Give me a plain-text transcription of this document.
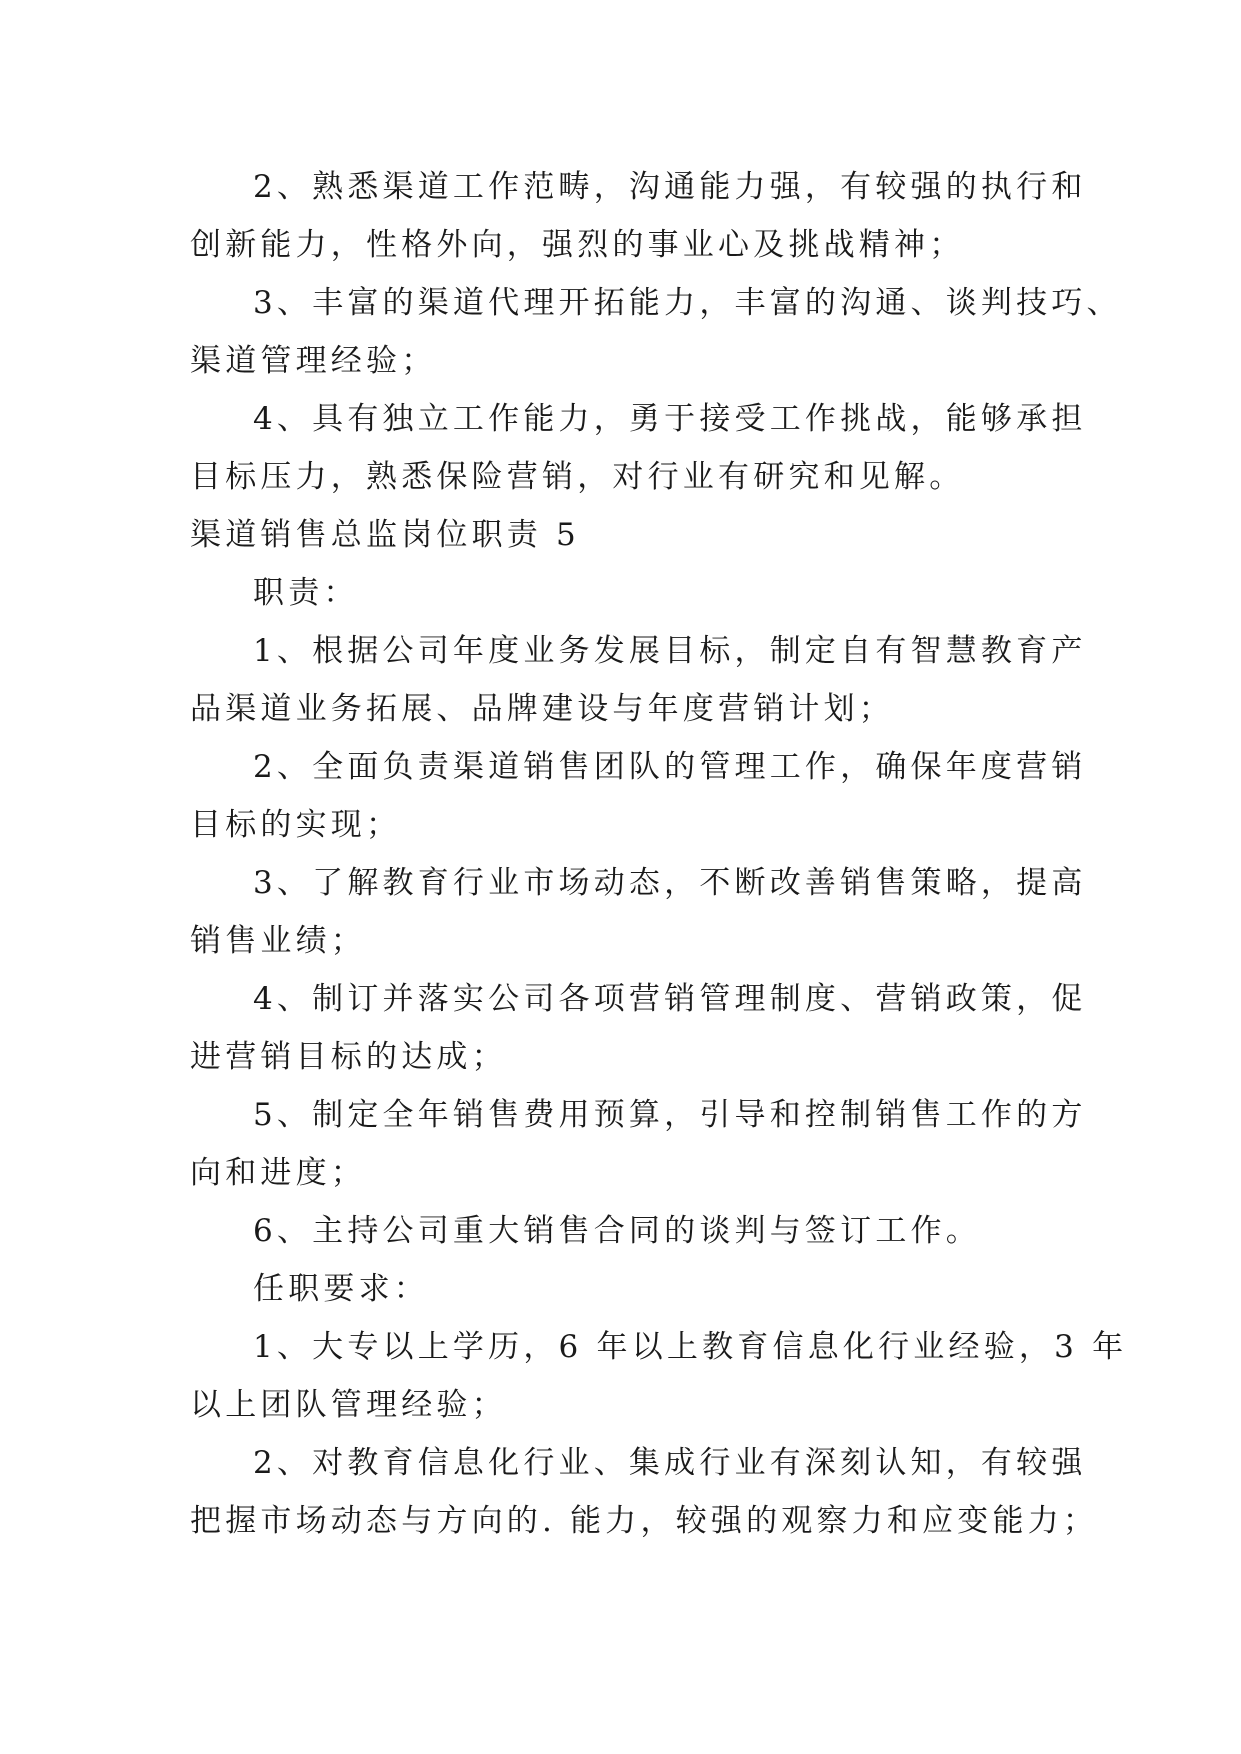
2、熟悉渠道工作范畴，沟通能力强，有较强的执行和
创新能力，性格外向，强烈的事业心及挑战精神；
3、丰富的渠道代理开拓能力，丰富的沟通、谈判技巧、
渠道管理经验；
4、具有独立工作能力，勇于接受工作挑战，能够承担
目标压力，熟悉保险营销，对行业有研究和见解。
渠道销售总监岗位职责 5
职责：
1、根据公司年度业务发展目标，制定自有智慧教育产
品渠道业务拓展、品牌建设与年度营销计划；
2、全面负责渠道销售团队的管理工作，确保年度营销
目标的实现；
3、了解教育行业市场动态，不断改善销售策略，提高
销售业绩；
4、制订并落实公司各项营销管理制度、营销政策，促
进营销目标的达成；
5、制定全年销售费用预算，引导和控制销售工作的方
向和进度；
6、主持公司重大销售合同的谈判与签订工作。
任职要求：
1、大专以上学历，6 年以上教育信息化行业经验，3 年
以上团队管理经验；
2、对教育信息化行业、集成行业有深刻认知，有较强
把握市场动态与方向的. 能力，较强的观察力和应变能力；
